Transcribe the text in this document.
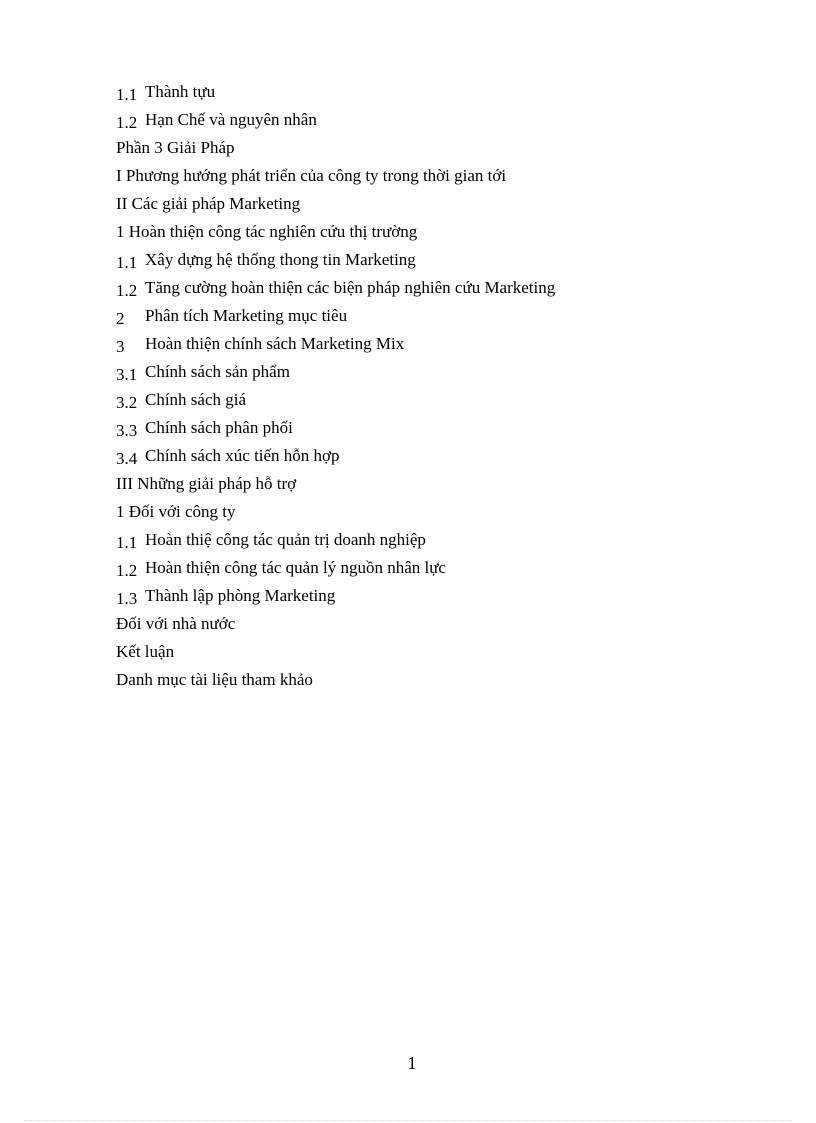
1.1 Thành tựu
1.2 Hạn Chế và nguyên nhân
Phần 3 Giải Pháp
I Phương hướng phát triển của công ty trong thời gian tới
II Các giải pháp Marketing
1 Hoàn thiện công tác nghiên cứu thị trường
1.1 Xây dựng hệ thống thong tin Marketing
1.2 Tăng cường hoàn thiện các biện pháp nghiên cứu Marketing
2	Phân tích Marketing mục tiêu
3	Hoàn thiện chính sách Marketing Mix
3.1 Chính sách sản phẩm
3.2 Chính sách giá
3.3 Chính sách phân phối
3.4 Chính sách xúc tiến hỗn hợp
III Những giải pháp hỗ trợ
1 Đối với công ty
1.1 Hoàn thiệ công tác quản trị doanh nghiệp
1.2 Hoàn thiện công tác quản lý nguồn nhân lực
1.3 Thành lập phòng Marketing
Đối với nhà nước
Kết luận
Danh mục tài liệu tham khảo
1
